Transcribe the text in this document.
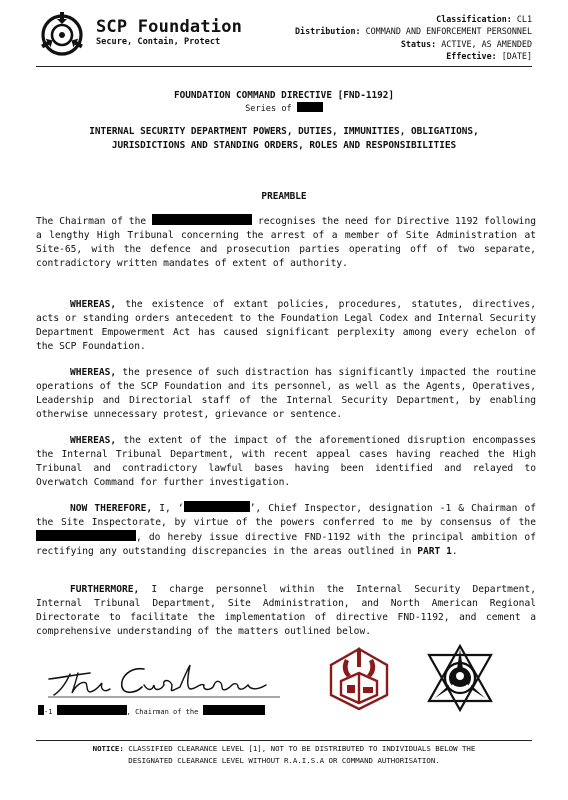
SCP Foundation
Secure, Contain, Protect
Classification: CL1
Distribution: COMMAND AND ENFORCEMENT PERSONNEL
Status: ACTIVE, AS AMENDED
Effective: [DATE]
FOUNDATION COMMAND DIRECTIVE [FND-1192]
Series of
INTERNAL SECURITY DEPARTMENT POWERS, DUTIES, IMMUNITIES, OBLIGATIONS,
JURISDICTIONS AND STANDING ORDERS, ROLES AND RESPONSIBILITIES
PREAMBLE

The Chairman of the	recognises the need for Directive 1192 following a lengthy High Tribunal concerning the arrest of a member of Site Administration at Site-65, with the defence and prosecution parties operating off of two separate, contradictory written mandates of extent of authority.

WHEREAS, the existence of extant policies, procedures, statutes, directives, acts or standing orders antecedent to the Foundation Legal Codex and Internal Security Department Empowerment Act has caused significant perplexity among every echelon of the SCP Foundation.

WHEREAS, the presence of such distraction has significantly impacted the routine operations of the SCP Foundation and its personnel, as well as the Agents, Operatives, Leadership and Directorial staff of the Internal Security Department, by enabling otherwise unnecessary protest, grievance or sentence.

WHEREAS, the extent of the impact of the aforementioned disruption encompasses the Internal Tribunal Department, with recent appeal cases having reached the High Tribunal and contradictory lawful bases having been identified and relayed to Overwatch Command for further investigation.

NOW THEREFORE, I, ‘	’, Chief Inspector, designation -1 & Chairman of the Site Inspectorate, by virtue of the powers conferred to me by consensus of the , do hereby issue directive FND-1192 with the principal ambition of rectifying any outstanding discrepancies in the areas outlined in PART 1.

FURTHERMORE, I charge personnel within the Internal Security Department, Internal Tribunal Department, Site Administration, and North American Regional Directorate to facilitate the implementation of directive FND-1192, and cement a comprehensive understanding of the matters outlined below.

-1	, Chairman of the
NOTICE: CLASSIFIED CLEARANCE LEVEL [1], NOT TO BE DISTRIBUTED TO INDIVIDUALS BELOW THE
DESIGNATED CLEARANCE LEVEL WITHOUT R.A.I.S.A OR COMMAND AUTHORISATION.
